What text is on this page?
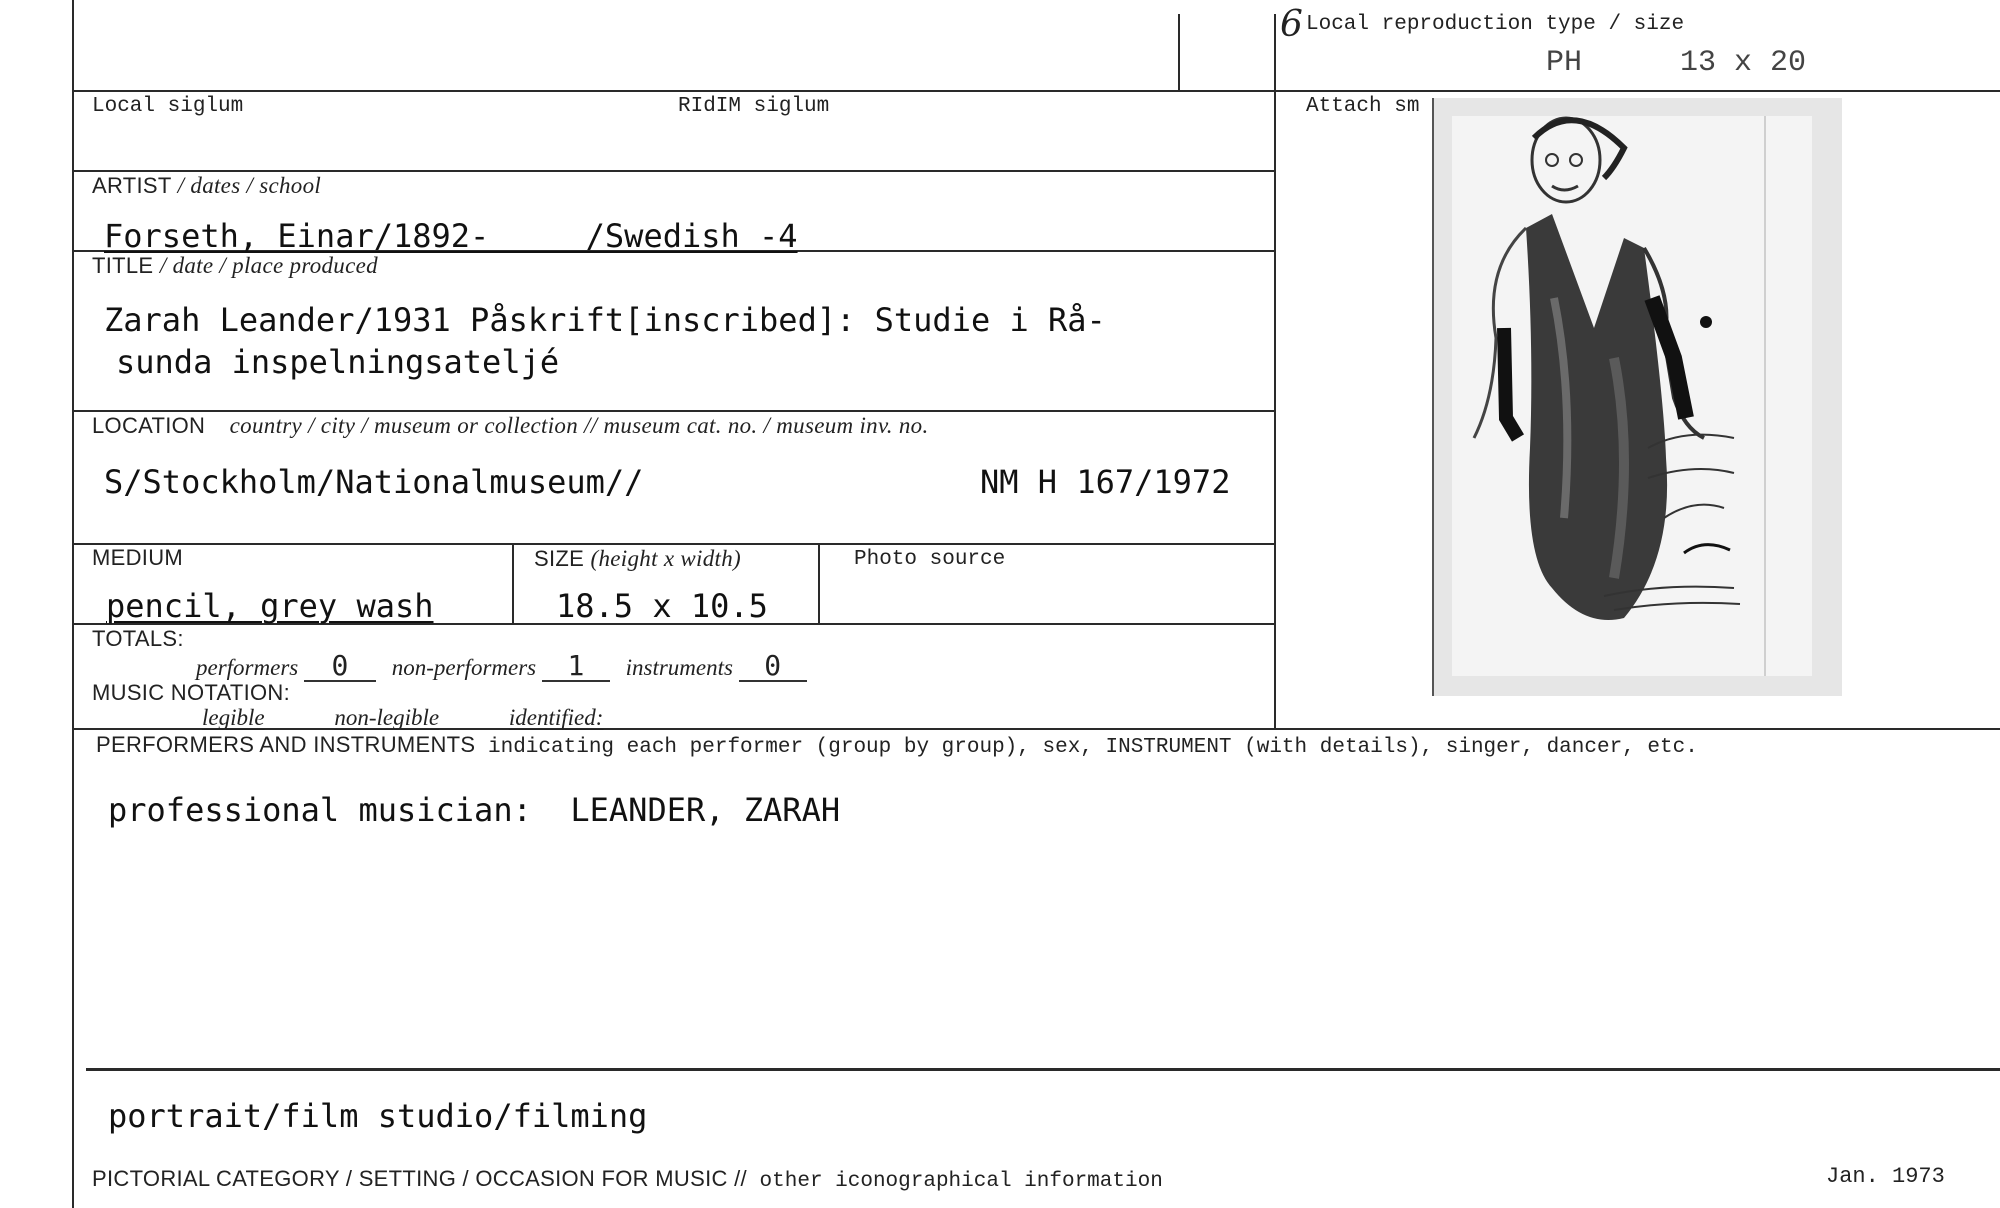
6 Local reproduction type / size
PH	13 x 20
Local siglum	RIdIM siglum	Attach sm
ARTIST / dates / school
Forseth, Einar/1892-     /Swedish -4
TITLE / date / place produced
Zarah Leander/1931 Påskrift[inscribed]: Studie i Rå-
sunda inspelningsateljé
LOCATION country / city / museum or collection // museum cat. no. / museum inv. no.
S/Stockholm/Nationalmuseum//	NM H 167/1972
MEDIUM
pencil, grey wash
SIZE (height x width)
18.5 x 10.5
Photo source
TOTALS:
performers 0 non-performers 1 instruments 0
MUSIC NOTATION:
legible	non-legible	identified:
PERFORMERS AND INSTRUMENTS indicating each performer (group by group), sex, INSTRUMENT (with details), singer, dancer, etc.
professional musician:  LEANDER, ZARAH
portrait/film studio/filming
PICTORIAL CATEGORY / SETTING / OCCASION FOR MUSIC // other iconographical information	Jan. 1973
